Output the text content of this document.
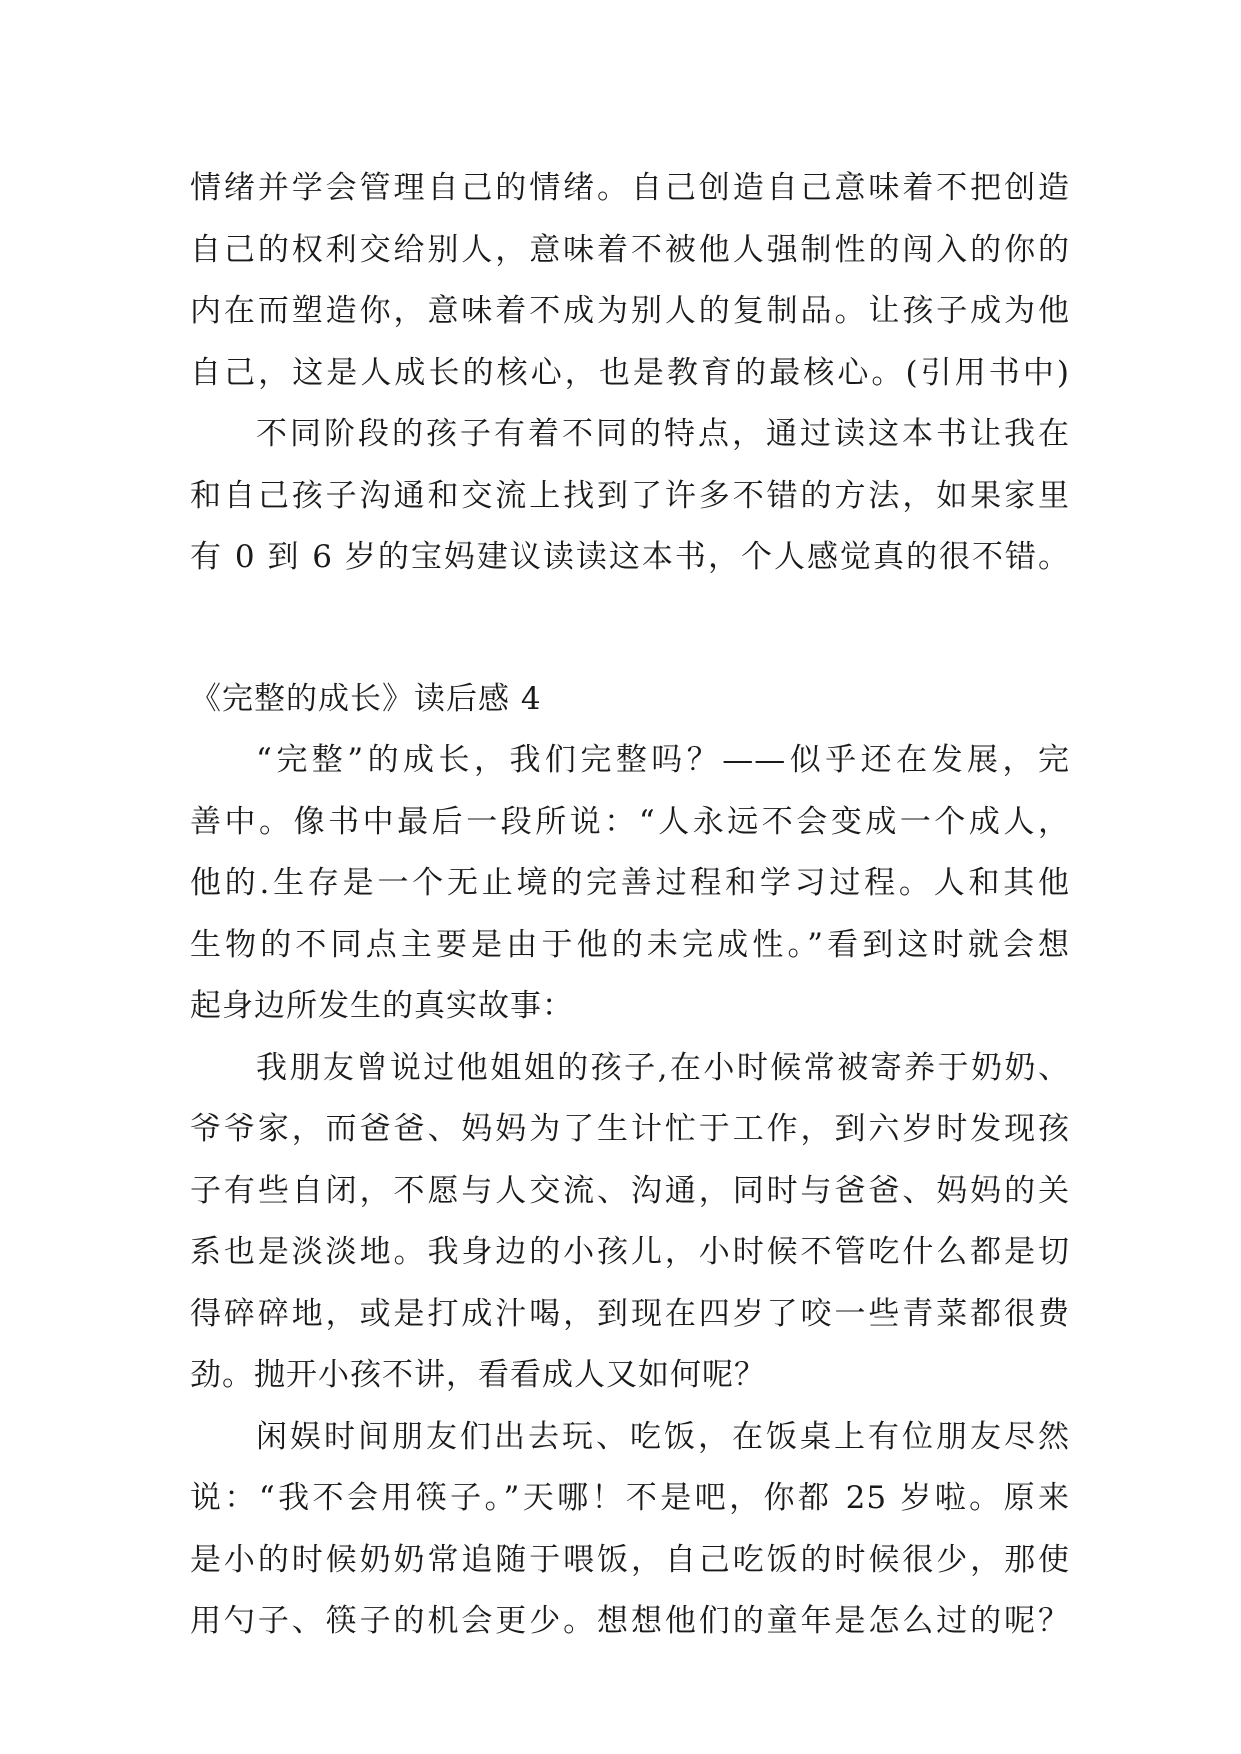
情绪并学会管理自己的情绪。自己创造自己意味着不把创造
自己的权利交给别人，意味着不被他人强制性的闯入的你的
内在而塑造你，意味着不成为别人的复制品。让孩子成为他
自己，这是人成长的核心，也是教育的最核心。(引用书中)
不同阶段的孩子有着不同的特点，通过读这本书让我在
和自己孩子沟通和交流上找到了许多不错的方法，如果家里
有 0 到 6 岁的宝妈建议读读这本书，个人感觉真的很不错。
《完整的成长》读后感 4
“完整”的成长，我们完整吗？——似乎还在发展，完
善中。像书中最后一段所说：“人永远不会变成一个成人，
他的.生存是一个无止境的完善过程和学习过程。人和其他
生物的不同点主要是由于他的未完成性。”看到这时就会想
起身边所发生的真实故事：
我朋友曾说过他姐姐的孩子,在小时候常被寄养于奶奶、
爷爷家，而爸爸、妈妈为了生计忙于工作，到六岁时发现孩
子有些自闭，不愿与人交流、沟通，同时与爸爸、妈妈的关
系也是淡淡地。我身边的小孩儿，小时候不管吃什么都是切
得碎碎地，或是打成汁喝，到现在四岁了咬一些青菜都很费
劲。抛开小孩不讲，看看成人又如何呢？
闲娱时间朋友们出去玩、吃饭，在饭桌上有位朋友尽然
说：“我不会用筷子。”天哪！不是吧，你都 25 岁啦。原来
是小的时候奶奶常追随于喂饭，自己吃饭的时候很少，那使
用勺子、筷子的机会更少。想想他们的童年是怎么过的呢？
